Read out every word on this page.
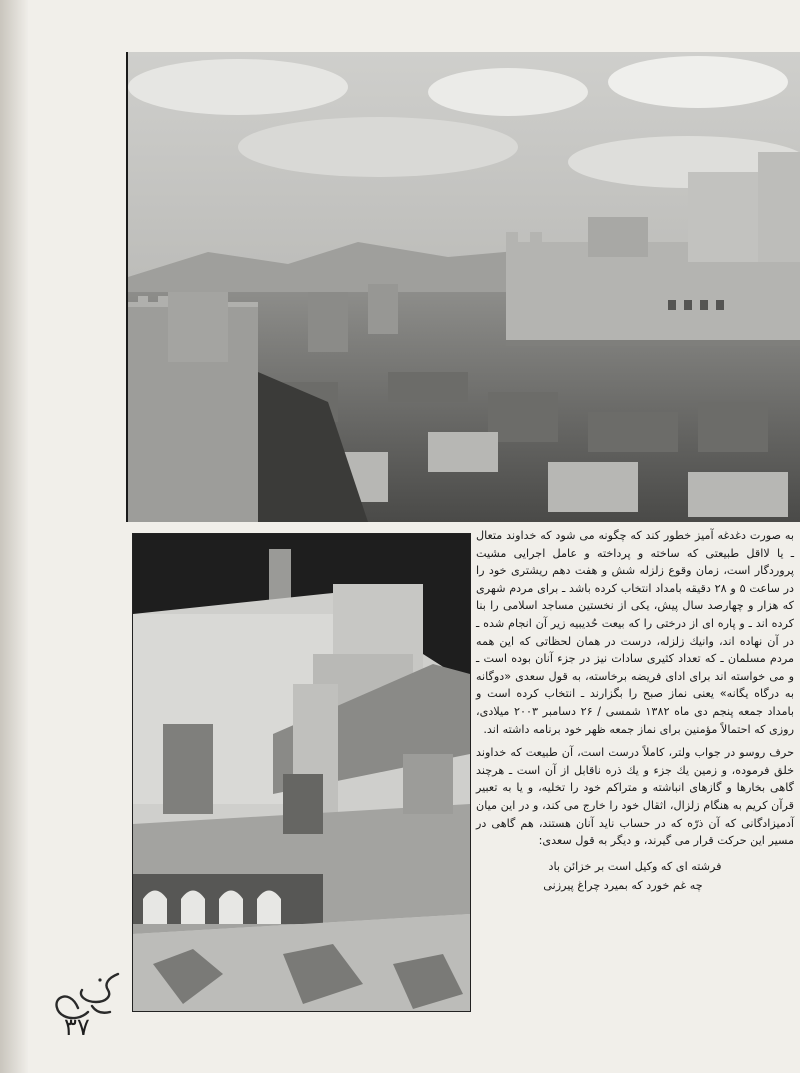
به صورت دغدغه آمیز خطور کند که چگونه می شود که خداوند متعال ـ یا لااقل طبیعتی که ساخته و پرداخته و عامل اجرایی مشیت پروردگار است، زمان وقوع زلزله شش و هفت دهم ریشتری خود را در ساعت ۵ و ۲۸ دقیقه بامداد انتخاب کرده باشد ـ برای مردم شهری که هزار و چهارصد سال پیش، یکی از نخستین مساجد اسلامی را بنا کرده اند ـ و پاره ای از درختی را که بیعت حُدیبیه زیر آن انجام شده ـ در آن نهاده اند، وانیك زلزله، درست در همان لحظاتی که این همه مردم مسلمان ـ که تعداد کثیری سادات نیز در جزء آنان بوده است ـ و می خواسته اند برای ادای فریضه برخاسته، به قول سعدی «دوگانه به درگاه یگانه» یعنی نماز صبح را بگزارند ـ انتخاب کرده است و بامداد جمعه پنجم دی ماه ۱۳۸۲ شمسی / ۲۶ دسامبر ۲۰۰۳ میلادی، روزی که احتمالاً مؤمنین برای نماز جمعه ظهر خود برنامه داشته اند.

حرف روسو در جواب ولتر، کاملاً درست است، آن طبیعت که خداوند خلق فرموده، و زمین یك جزء و یك ذره ناقابل از آن است ـ هرچند گاهی بخارها و گازهای انباشته و متراکم خود را تخلیه، و یا به تعبیر قرآن کریم به هنگام زلزال، اثقال خود را خارج می کند، و در این میان آدمیزادگانی که آن ذرّه که در حساب ناید آنان هستند، هم گاهی در مسیر این حرکت قرار می گیرند، و دیگر به قول سعدی:

فرشته ای که وکیل است بر خزائن باد
چه غم خورد که بمیرد چراغ پیرزنی
۳۷
